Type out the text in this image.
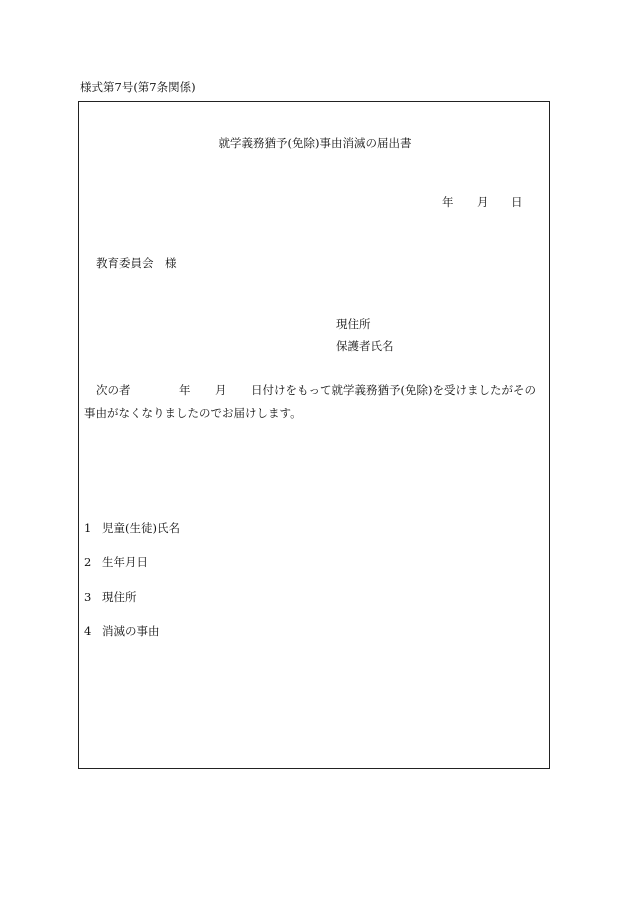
様式第7号(第7条関係)
就学義務猶予(免除)事由消滅の届出書
年 月 日
教育委員会　様
現住所
保護者氏名
次の者	年 月 日付けをもって就学義務猶予(免除)を受けましたがその
事由がなくなりましたのでお届けします。
1 児童(生徒)氏名
2 生年月日
3 現住所
4 消滅の事由
